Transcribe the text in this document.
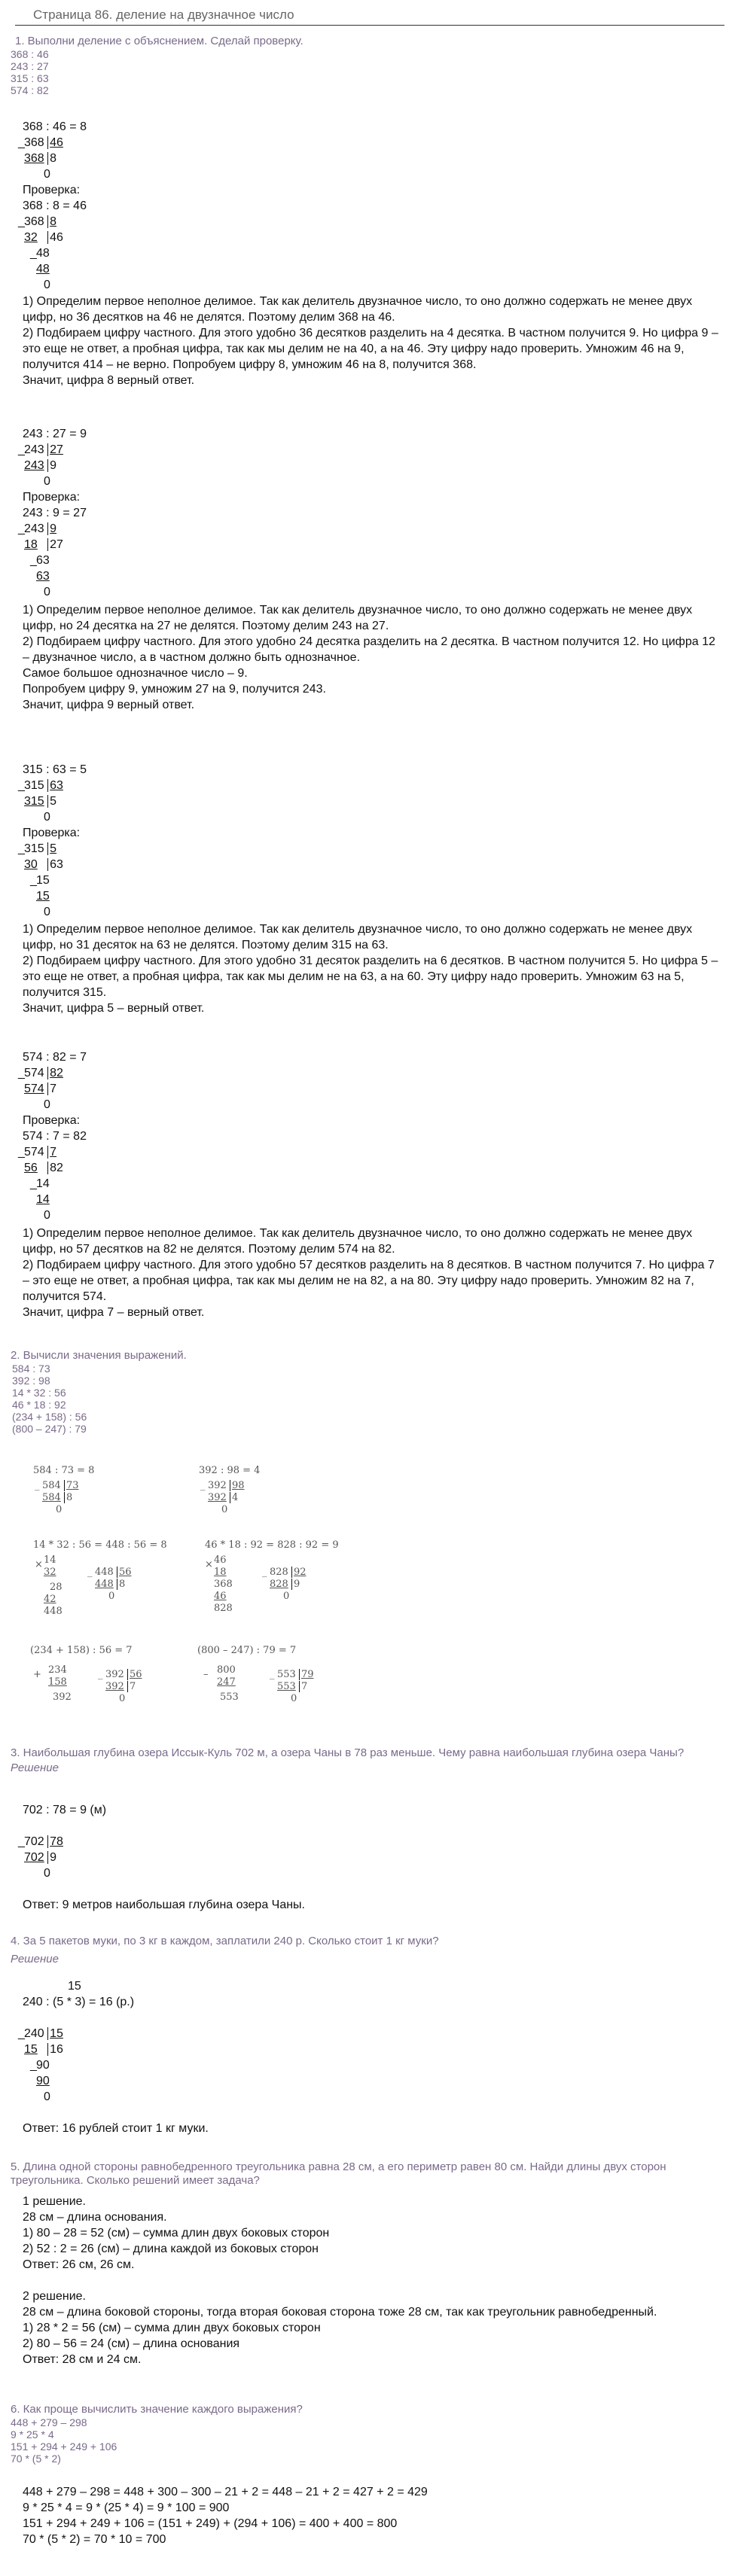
Страница 86. деление на двузначное число

1. Выполни деление с объяснением. Сделай проверку.

368 : 46
243 : 27
315 : 63
574 : 82
368 : 46 = 8
_ 368 46
368 8
0
Проверка:
368 : 8 = 46
_ 368 8
32 46
_ 48
48
0

1) Определим первое неполное делимое. Так как делитель двузначное число, то оно должно содержать не менее двух цифр, но 36 десятков на 46 не делятся. Поэтому делим 368 на 46.

2) Подбираем цифру частного. Для этого удобно 36 десятков разделить на 4 десятка. В частном получится 9. Но цифра 9 – это еще не ответ, а пробная цифра, так как мы делим не на 40, а на 46. Эту цифру надо проверить. Умножим 46 на 9, получится 414 – не верно. Попробуем цифру 8, умножим 46 на 8, получится 368.

Значит, цифра 8 верный ответ.

243 : 27 = 9
_ 243 27
243 9
0
Проверка:
243 : 9 = 27
_ 243 9
18 27
_ 63
63
0

1) Определим первое неполное делимое. Так как делитель двузначное число, то оно должно содержать не менее двух цифр, но 24 десятка на 27 не делятся. Поэтому делим 243 на 27.

2) Подбираем цифру частного. Для этого удобно 24 десятка разделить на 2 десятка. В частном получится 12. Но цифра 12 – двузначное число, а в частном должно быть однозначное.

Самое большое однозначное число – 9.

Попробуем цифру 9, умножим 27 на 9, получится 243.

Значит, цифра 9 верный ответ.

315 : 63 = 5
_ 315 63
315 5
0
Проверка:
_ 315 5
30 63
_ 15
15
0

1) Определим первое неполное делимое. Так как делитель двузначное число, то оно должно содержать не менее двух цифр, но 31 десяток на 63 не делятся. Поэтому делим 315 на 63.

2) Подбираем цифру частного. Для этого удобно 31 десяток разделить на 6 десятков. В частном получится 5. Но цифра 5 – это еще не ответ, а пробная цифра, так как мы делим не на 63, а на 60. Эту цифру надо проверить. Умножим 63 на 5, получится 315.

Значит, цифра 5 – верный ответ.

574 : 82 = 7
_ 574 82
574 7
0
Проверка:
574 : 7 = 82
_ 574 7
56 82
_ 14
14
0

1) Определим первое неполное делимое. Так как делитель двузначное число, то оно должно содержать не менее двух цифр, но 57 десятков на 82 не делятся. Поэтому делим 574 на 82.

2) Подбираем цифру частного. Для этого удобно 57 десятков разделить на 8 десятков. В частном получится 7. Но цифра 7 – это еще не ответ, а пробная цифра, так как мы делим не на 82, а на 80. Эту цифру надо проверить. Умножим 82 на 7, получится 574.

Значит, цифра 7 – верный ответ.

2. Вычисли значения выражений.

584 : 73
392 : 98
14 * 32 : 56
46 * 18 : 92
(234 + 158) : 56
(800 – 247) : 79
584 : 73 = 8
_ 584 73
584 8
0
392 : 98 = 4
_ 392 98
392 4
0
14 * 32 : 56 = 448 : 56 = 8
× 14
32
28
42
448
_ 448 56
448 8
0
46 * 18 : 92 = 828 : 92 = 9
× 46
18
368
46
828
_ 828 92
828 9
0
(234 + 158) : 56 = 7
+ 234
158
392
_ 392 56
392 7
0
(800 – 247) : 79 = 7
– 800
247
553
_ 553 79
553 7
0

3. Наибольшая глубина озера Иссык-Куль 702 м, а озера Чаны в 78 раз меньше. Чему равна наибольшая глубина озера Чаны?

Решение

702 : 78 = 9 (м)
_ 702 78
702 9
0
Ответ: 9 метров наибольшая глубина озера Чаны.

4. За 5 пакетов муки, по 3 кг в каждом, заплатили 240 р. Сколько стоит 1 кг муки?

Решение

15
240 : (5 * 3) = 16 (р.)
_ 240 15
15 16
_ 90
90
0
Ответ: 16 рублей стоит 1 кг муки.

5. Длина одной стороны равнобедренного треугольника равна 28 см, а его периметр равен 80 см. Найди длины двух сторон треугольника. Сколько решений имеет задача?

1 решение.

28 см – длина основания.

1) 80 – 28 = 52 (см) – сумма длин двух боковых сторон

2) 52 : 2 = 26 (см) – длина каждой из боковых сторон

Ответ: 26 см, 26 см.

2 решение.

28 см – длина боковой стороны, тогда вторая боковая сторона тоже 28 см, так как треугольник равнобедренный.

1) 28 * 2 = 56 (см) – сумма длин двух боковых сторон

2) 80 – 56 = 24 (см) – длина основания

Ответ: 28 см и 24 см.

6. Как проще вычислить значение каждого выражения?

448 + 279 – 298
9 * 25 * 4
151 + 294 + 249 + 106
70 * (5 * 2)

448 + 279 – 298 = 448 + 300 – 300 – 21 + 2 = 448 – 21 + 2 = 427 + 2 = 429

9 * 25 * 4 = 9 * (25 * 4) = 9 * 100 = 900

151 + 294 + 249 + 106 = (151 + 249) + (294 + 106) = 400 + 400 = 800

70 * (5 * 2) = 70 * 10 = 700
